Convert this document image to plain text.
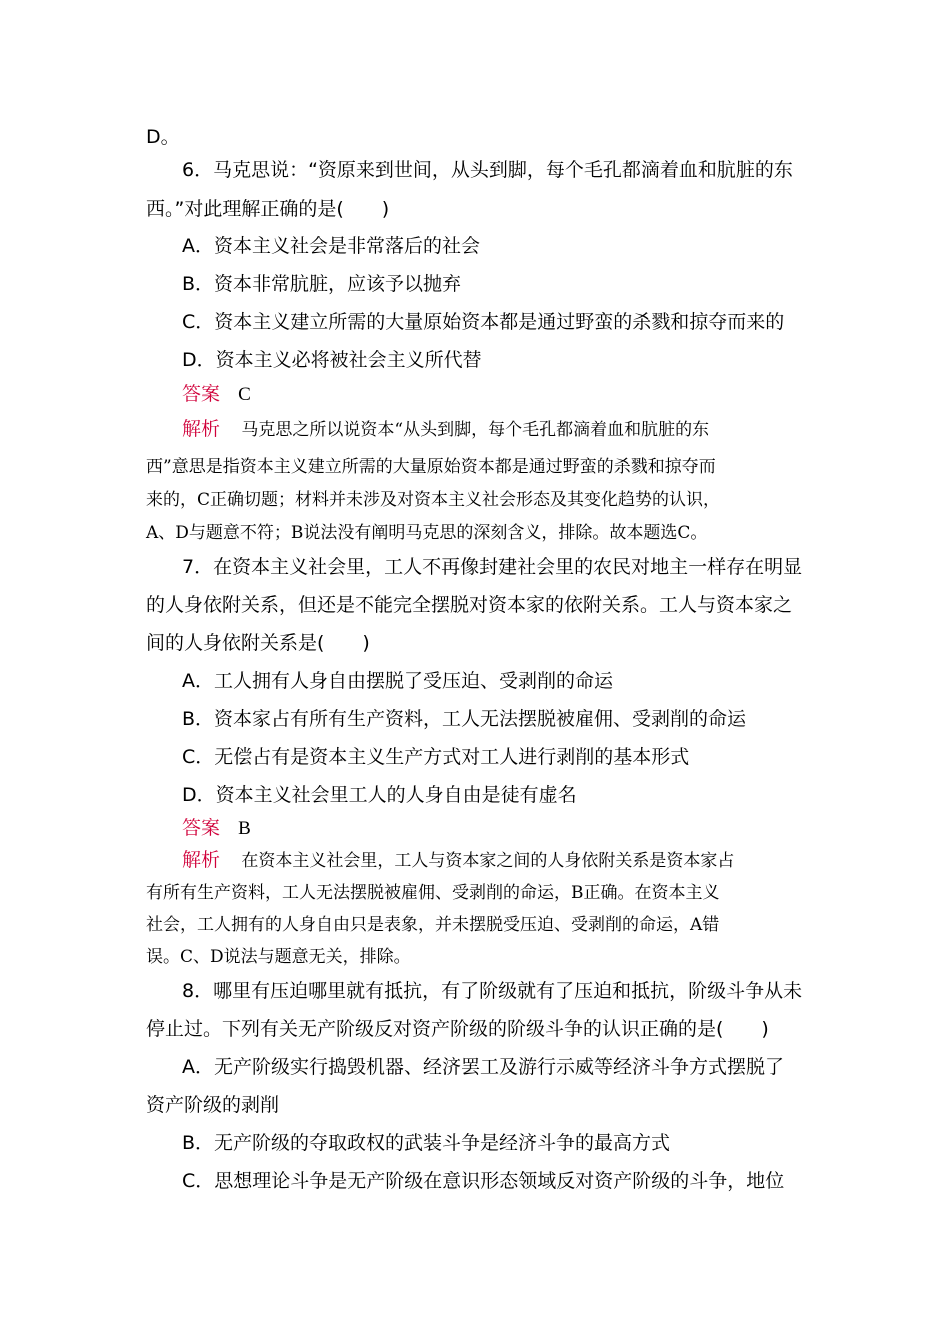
D。
6．马克思说：“资原来到世间，从头到脚，每个毛孔都滴着血和肮脏的东
西。”对此理解正确的是(　　)
A．资本主义社会是非常落后的社会
B．资本非常肮脏，应该予以抛弃
C．资本主义建立所需的大量原始资本都是通过野蛮的杀戮和掠夺而来的
D．资本主义必将被社会主义所代替
答案 C
解析 马克思之所以说资本“从头到脚，每个毛孔都滴着血和肮脏的东
西”意思是指资本主义建立所需的大量原始资本都是通过野蛮的杀戮和掠夺而
来的，C正确切题；材料并未涉及对资本主义社会形态及其变化趋势的认识，
A、D与题意不符；B说法没有阐明马克思的深刻含义，排除。故本题选C。
7．在资本主义社会里，工人不再像封建社会里的农民对地主一样存在明显
的人身依附关系，但还是不能完全摆脱对资本家的依附关系。工人与资本家之
间的人身依附关系是(　　)
A．工人拥有人身自由摆脱了受压迫、受剥削的命运
B．资本家占有所有生产资料，工人无法摆脱被雇佣、受剥削的命运
C．无偿占有是资本主义生产方式对工人进行剥削的基本形式
D．资本主义社会里工人的人身自由是徒有虚名
答案 B
解析 在资本主义社会里，工人与资本家之间的人身依附关系是资本家占
有所有生产资料，工人无法摆脱被雇佣、受剥削的命运，B正确。在资本主义
社会，工人拥有的人身自由只是表象，并未摆脱受压迫、受剥削的命运，A错
误。C、D说法与题意无关，排除。
8．哪里有压迫哪里就有抵抗，有了阶级就有了压迫和抵抗，阶级斗争从未
停止过。下列有关无产阶级反对资产阶级的阶级斗争的认识正确的是(　　)
A．无产阶级实行捣毁机器、经济罢工及游行示威等经济斗争方式摆脱了
资产阶级的剥削
B．无产阶级的夺取政权的武装斗争是经济斗争的最高方式
C．思想理论斗争是无产阶级在意识形态领域反对资产阶级的斗争，地位
